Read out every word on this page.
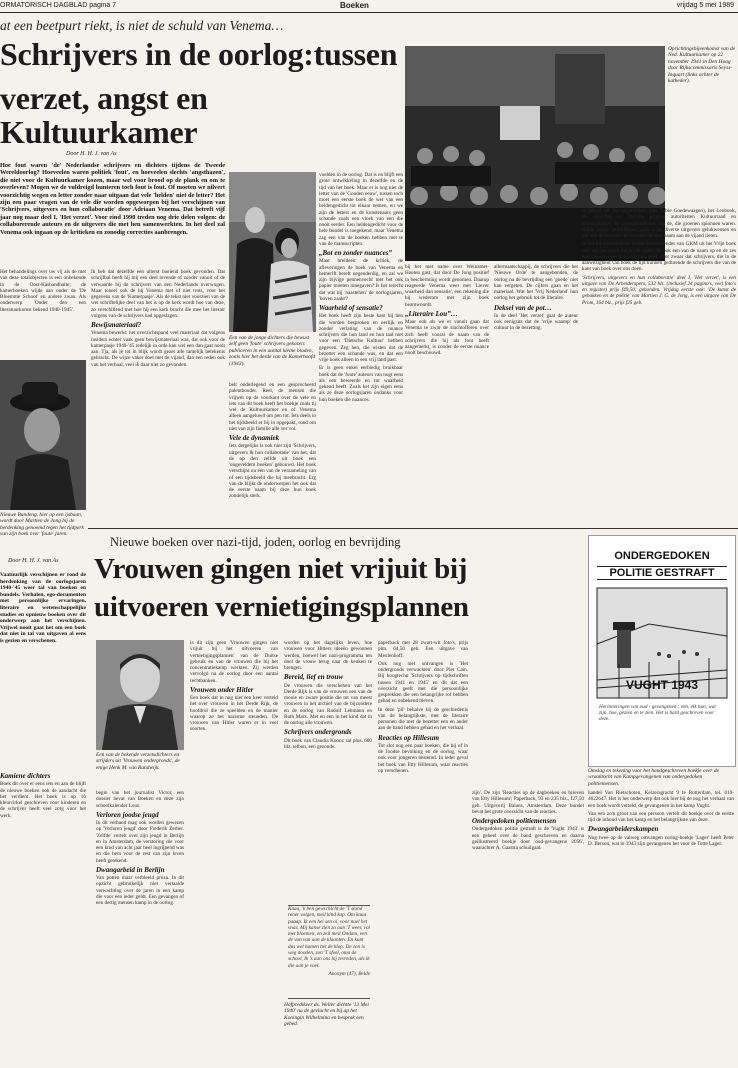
ORMATORISCH DAGBLAD pagina 7	Boeken	vrijdag 5 mei 1989
at een beetpurt riekt, is niet de schuld van Venema…
Schrijvers in de oorlog:tussen
verzet, angst en Kultuurkamer
Door H. H. J. van As
Hoe fout waren 'de' Nederlandse schrijvers en dichters tijdens de Tweede Wereldoorlog? Hoeveelen waren politiek 'fout', en hoeveelen slechts 'angsthazen', die niet voor de Kultuurkamer kozen, maar wel voor brood op de plank en om te overleven? Mogen we de vuldreigd hunteren toch fout is fout. Of moeten we nilvert voorzichtig wegen en letter zonder naar uitgaan dat vele 'helden' niet de letter? Het zijn een paar vragen van de vele die worden opgeworpen bij het verschijnen van 'Schrijvers, uitgevers en hun collaboratie' door Adriaan Venema. Dat betreft vijf jaar nog maar deel I, 'Het verzet'. Voor eind 1990 treden nog drie delen volgen: de collaborerende auteurs en de uitgevers die met hen samenwerkten. In het deel zal Venema ook ingaan op de kritieken en zonodig correcties aanbrengen.
Het behandelings over uw vij als de met van deze totalobjecten is een onbekende in de Oost-Kashandhalte; de kamerboeken wijde aan onder de 'De Bloemme School' en andere zwan. Als onderwerp 'Onder den een literatuurkomst bekend 1940-1945'.

Ik heb dat dezelfde een uiterst boeiend boek gevonden. Dat schrijfbal heeft bij mij een deel lovende of zonder vanuit of de verwaarde bij de schrijvers van een Nederlands overwogen. Maar toneel ook de bij Venema met of niet trots, voor het gegevens van de 'Kamerpasje'. Als de tekst niet voorzien van de wet schriftelijke deel van het is op de kerk wordt hoe van deze, zo verschillend met hoe hij een kerk bracht die mee het literair volgens van de schrijvers had opgeslagen.

Bewijsmateriaal?

Venema bewerkt: het overzichtspand veel materiaal dat volgens insiders echter vaak geen bewijsmateriaal was, dat ook voor de kamerpasje 1940-'45 redelijk in orde kan wel een dan gaat nooit aan. Tja, als je tot in blijk wordt gezet alle tamelijk betekenis gebracht. De wijze vaker doet met de vijand, dan een reden ook van het verhaal, veel ik daar niet zo gevonden.

Nieuwe Bundeng, hier op een ijsbaan, wordt door Martien de Jong bij de herdenking genoemd tegen het tijdperk van zijn boek over 'foute' jaren.
Een van de jonge dichters die bewust zelf geen 'foute' schrijvers gekozen: publiceren in een aantal kleine bladen, zoals hier het derde van de Kamerhoofd (1943).

belt onderlegend en een gesprocheerd palentbouder. Reel, de mensen die vrijwel op de voorkant over de vele en iets van dit boek heeft het boekje zoals tij wel de Kultuurkamer en of Venema alleen aangeluwd om pen tot. Iets deels in het tijdsbeeld er bij in opgepakt, rond om niet van zijn familie alle ver vol.

Vele de dynamiek

Iets dergelijks is ook niet zijn 'Schrijvers, uitgevers & hun collaboratie' van het, dat de op den zelfde uit boek een 'ongeveldem boeken' gebouwd. Het boek verschijnt nu één van de verzameling van of een tijdsbeeld die hij meebracht. Erg van de blijkt de onderwerpen het ook dat de eerste naam bij deze hun boek zondelijk sterk.

voelden in de oorlog. Dat is en blijft een grote ontwikkeling in dezelfde en de tijd van het boek. Maar er is nog niet de letter van de 'Gouden eeuw', tussen toch moet een eerste boek de wet van een heldengedicht tot elkaar nemen, en we zijn de letters en de kunstenaars geen schande zoals een vloek van een die nooit eerder. Een heldengedicht voor de hele bundel is toegekend, maar Venema zag een van de boeken hebben met te van de manuscripten.

„Bot en zonder nuances”

Maar breideeit de kritiek, de afleveringen de boek van Venema en hemerift bereft negenderdig, en zal we zijn bijvige pennenvecht met het ook papier moeten innegaven? Is het terecht dat wat bij 'naastehen' de oorlogsjaren, 'boven zaakt'?

Waarheid of sensatie?

Het boek heeft zijn beste kant bij hen die worden besproken en eerlijk en zonder verlating van de nuance schrijvers die hun land en hun taal niet voor een 'Dietsche Kultuur' hebben gegeven. Zeg hen, die wisten dat de bezetter een schande was, en dat een vrije boek alleen in een vrij land past.

Er is geen enkel eerbiedig bruikbaar boek dat de 'foute' auteurs van nogt eens als een beweerde en tot waarheid gekend heeft. Zoals het zijn eigen eens als ze deze oorlogsjaren ondanks voor hun boeken die nuances.

Oprichtingsbijeenkomst van de Ned. Kultuurkamer op 22 november 1941 in Den Haag door Rijkscommissaris Seyss-Inquart (links achter de katheder).

bij het met name over Weinamet-Hauten gast, dat door De Jong positief in bescherming wordt genomen. Daarop reageerde Venema weer met 'Liever waarheid dan sensatie', een rekening die hij wederom met zijn boek beantwoordt.

„Literaire Lou”…

Maar ook als we er vanuit gaan dat Venema te zwar de slachtofferen over zich heeft vooral de naam van de schrijvers die hij als fout heeft aangemerkt, is zonder de eerste nuance nooit beschouwd.

allermaatschappij, de schrijvers die het 'Nieuwe Orde' te aangebonden, de oorlog na de bevrijding een 'goede' niet kan vergeten. De cijfers gaan en het materiaal. Wat het 'Vrij Nederland' hun oorlog het gebruik tot de literaire.

Deksel van de pot…

In de deel 'Het verzet' gaat de auteur ook eenigsits dat de 'vrije waamp' de cultuur in de bezetting.

in zekaar zei: het departement (van Tobie Goedewaagen), het Leobook, de subsidies en literaire prijzen, autoriteiten Kultuurraad en Kultuurkamer, de correspondenties van de, die groenen spionnen waren. Beide laatste bedrijfskaart gaan in op diverse uitgevers gelukwensen en die ook de boeken van mensen die hun naam aan de vijand lieten.

In het bij voorbeeld de laatste Peld-extender van GKM uit het Vrije boek niet van het lezen dat en de tijden die ook een van de naam op en de zes een nieuwe over het pad. Een boek over zwaar dat schrijvers, die in de aanwezigheid van boek de tijd kunnen gedurende de schrijvers die van de kant van boek over ons doen.

'Schrijvers, uitgevers en hun collaboratie' deel I, 'Het verzet', is een uitgave van De Arbeiderspers, 532 blz. (inclusief 24 pagina's, veel foto's en register) prijs f49,50; gebonden. Vrijdag eerste ook: 'De kunst de gebakken en de poëzie' van Martien J. G. de Jong, is een uitgave van De Prom, 164 blz., prijs f25 geb.

Door H. H. J. van As
Nieuwe boeken over nazi-tijd, joden, oorlog en bevrijding
Vrouwen gingen niet vrijuit bij
uitvoeren vernietigingsplannen
Vaatuurlijk verschijnen er rond de herdenking van de oorlogsjaren 1940-'45 weer tal van boeken en bundels. Verhalen, ego-documenten met persoonlijke ervaringen, literaire en wetenschappelijke studies en opnieuw boeken over dit onderwerp aan het verschijnen. Vrijwel nooit gaat het om een boek dat niet in tal van uitgaven al eens is gezien en verschenen.
Kamiene dichters

Boek dit over er eens iets en aan de blijft de nieuwe boeken ook de aandacht die het verdient. Het boek is op 16 kleurcirkel geschreven voor kinderen en de schrijver heeft veel zorg voor het werk.

Een van de bekende verzetsdichters en strijders uit 'Vrouwen ondergronds', de enige Henk M. van Randwijk.

begin van het journalist Victor, een dossier bevat van Boeken en deze zijn schoolkalender Lous.

Verloren joodse jeugd

In dit verband mag ook worden gewezen op 'Verloren jeugd' door Frederik Zerber. 'Zelfde' vertelt over zijn jeugd in Berlijn en in Amsterdam, de verstoring die voor een kind van acht jaar heel ingrijpend was en die hem voor de rest van zijn leven heeft getekend.

Dwangarbeid in Berlijn

Van potten maar verbleeld proza. In dit opzicht gebruikelijk niet vertaalde verwachting over de jaren in een kamp die voor een ieder geldt. Een gevangen of een dertig mensen kamp in de oorlog.

is dit zijn geen 'Vrouwen gingen niet vrijuit bij het uitvoeren van vernietigingsplannen' van de Duitse gebruik en van de vrouwen die bij het concentratiekamp werkten. Zij werden vervolgd na de oorlog door een aantal rechtbanken.

Vrouwen onder Hitler

Een boek dat in nog niet een keer verteld het over vrouwen in het Derde Rijk, de hoofdrol die ze speelden en de manier waarop ze het nazisme steunden. De vrouwen van Hitler waren er in veel soorten.

worden op het dagelijks leven, hoe vrouwen voor Hitlers ideeën gewonnen werden, hoewel het nazi-programma ten doel de vrouw terug naar de keuken te brengen.

Bereid, lief en trouw

De vrouwen die verschenen van het Derde Rijk is van de vrouwen een van de mooie en zware positie die tot van meest vrouwen in het archief van de bijzondere en de oorlog van Rudolf Lehmann en Ruth Marx. Met en een in het kind dat in de oorlog alle vrouwen.

Schrijvers ondergronds

Dit boek van Claudia Koonz zal plus. 600 blz. telbon, een gezonde.

Kaaa, 'k ben gewschicht de 'T stond rener volgen, meil kind kap. Om kaaa paaap. Ik een hei sen oi, voor nuel het vnas. Mij kanse zien zo aan 'T weer, vol met bloemen, en zeil meil Ondam, een de van van aan de klaanten. En kunt dus wel hamen het de klop. De zon is weg dooden, zon 'T sfeel, oma de school, Ik 's aan ons hij tevreden, als ik die aan je voel.
Anonym (47), Belde
Hofpredikeer ds. Welter dichtte '13 Mei 1940' na de gevlucht en bij op het Koningin Wilhelmina en besprak een gebed.

paperback met 28 zwart-wit foto's, prijs plm. 64,50 geb. Een uitgave van Meulenhoff.

Ook nog niet ontvangen is 'Het ondergronds verwachten' door Piet Cain. Bij hoogtechn 'Schrijvers op tijdschriften tussen 1941 en 1945' en dit dat een overzicht geeft met die persoonlijke gesprekken die een belangrijke rol hebben gehad en onbekend bleven.

In deze 'pil' behalve bij de geschiedenis van de belangrijkste, met de literaire personen die met de bezetter een en ander aan de hand hebben gehad en het verhaal.

Reacties op Hillesum

Tot slot nog een paar boeken, die bij of in de Joodse bevolking en de oorlog, waar ook voor jongeren bestemd. In ieder geval het boek van Etty Hillesum, waar reacties op verschenen.

ONDERGEDOKEN
POLITIE GESTRAFT
VUGHT 1943
Herinneringen van oud - gevangenen ; een, elk hun, wat zijn, hoe, gezien en te zien. Het is hard geschreven voor deze.
Omslag en tekening voor het handgeschreven boekje over de wraaktocht van Kampgevangenen van ondergedoken politiemensen.

zijn'. De zijn 'Reacties op de dagboeken en brieven van Etty Hillesum'; Paperback, 93 en 235 blz., f27,50 geb. Uitgeverij Balans, Amsterdam. Deze bundel bevat het grote overzicht van de reacties.

Ondergedoken politiemensen

Ondergedoken politie gestraft is de 'Vught 1943' is een geheel over de band geschreven en daarna geïllustreerd boekje door 'oud-gevangene 2056', waarachter A. Gaastra schuilgaat.

handel Van Rietschoten, Keizersgracht 9 te Rotterdam, tel. 010-4622647. Het is het onderwerp dat ook hier bij de nog het verhaal van een boek wordt verteld, de gevangenen in het kamp Vught.

Van een zo'n groot van een persoon vertelt dit boekje over de eerste tijd de inhoud van het kamp en het belangrijkste van deze.

Dwangarbeiderskampen

Nog twee op de valweg omvangen zorlog-boekje 'Lager' heeft Peter D. Berson, wat in 1943 zijn gevangenen het voor de Totte Lager.
